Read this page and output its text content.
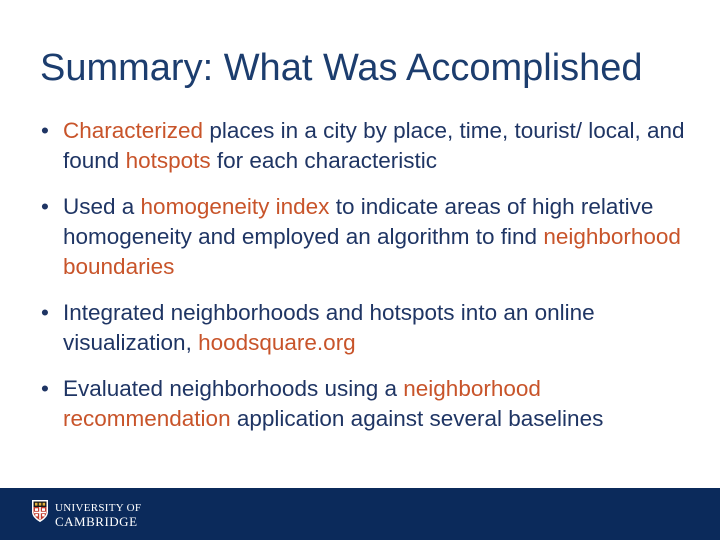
Summary: What Was Accomplished
• Characterized places in a city by place, time, tourist/ local, and found hotspots for each characteristic
• Used a homogeneity index to indicate areas of high relative homogeneity and employed an algorithm to find neighborhood boundaries
• Integrated neighborhoods and hotspots into an online visualization, hoodsquare.org
• Evaluated neighborhoods using a neighborhood recommendation application against several baselines
UNIVERSITY OF
CAMBRIDGE
